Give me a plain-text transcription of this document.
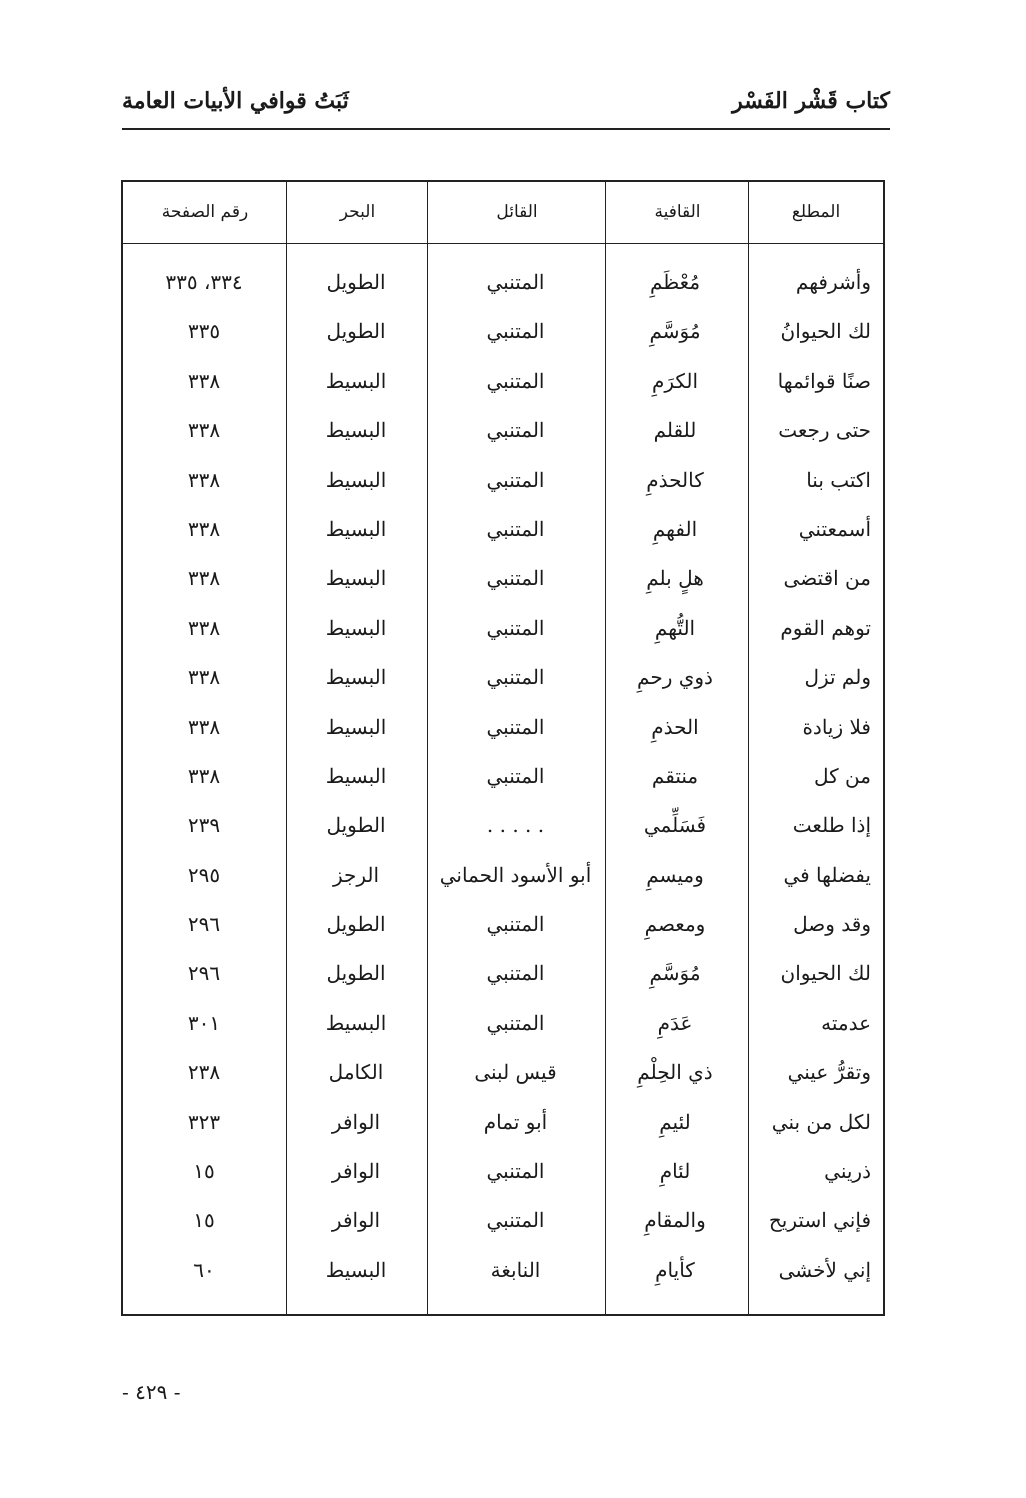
كتاب قَشْر الفَسْر
ثَبَتُ قوافي الأبيات العامة
المطلع
القافية
القائل
البحر
رقم الصفحة
وأشرفهم
مُعْظَمِ
المتنبي
الطويل
٣٣٤، ٣٣٥
لك الحيوانُ
مُوَسَّمِ
المتنبي
الطويل
٣٣٥
صنًا قوائمها
الكرَمِ
المتنبي
البسيط
٣٣٨
حتى رجعت
للقلم
المتنبي
البسيط
٣٣٨
اكتب بنا
كالحذمِ
المتنبي
البسيط
٣٣٨
أسمعتني
الفهمِ
المتنبي
البسيط
٣٣٨
من اقتضى
هلٍ بلمِ
المتنبي
البسيط
٣٣٨
توهم القوم
التُّهمِ
المتنبي
البسيط
٣٣٨
ولم تزل
ذوي رحمِ
المتنبي
البسيط
٣٣٨
فلا زيادة
الحذمِ
المتنبي
البسيط
٣٣٨
من كل
منتقم
المتنبي
البسيط
٣٣٨
إذا طلعت
فَسَلِّمي
. . . . .
الطويل
٢٣٩
يفضلها في
وميسمِ
أبو الأسود الحماني
الرجز
٢٩٥
وقد وصل
ومعصمِ
المتنبي
الطويل
٢٩٦
لك الحيوان
مُوَسَّمِ
المتنبي
الطويل
٢٩٦
عدمته
عَدَمِ
المتنبي
البسيط
٣٠١
وتقرُّ عيني
ذي الحِلْمِ
قيس لبنى
الكامل
٢٣٨
لكل من بني
لئيمِ
أبو تمام
الوافر
٣٢٣
ذريني
لئامِ
المتنبي
الوافر
١٥
فإني استريح
والمقامِ
المتنبي
الوافر
١٥
إني لأخشى
كأيامِ
النابغة
البسيط
٦٠
- ٤٢٩ -
